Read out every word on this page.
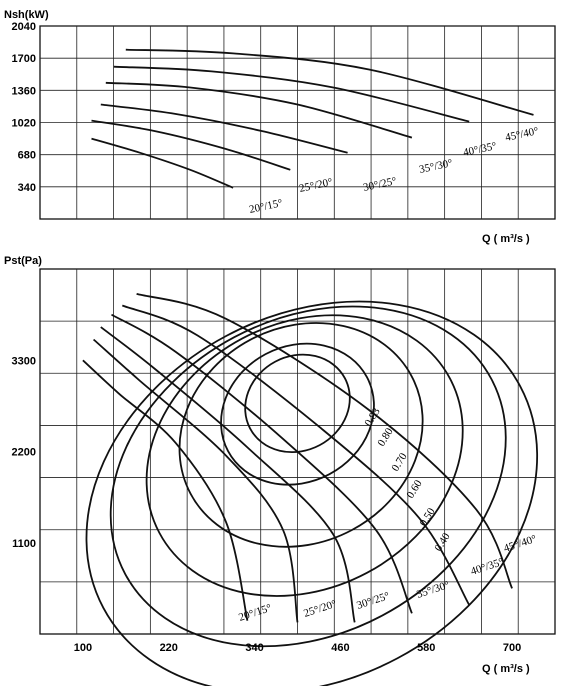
Nsh(kW)
2040
1700
1360
1020
680
340
20°/15°
25°/20°	30°/25°
35°/30°
40°/35°
45°/40°
Q ( m³/s )
Pst(Pa)
0.83
0.80
0.70
0.60
0.50
0.40
3300
2200
1100
100	220	340	460	580	700
20°/15°	25°/20° 30°/25°
35°/30°
40°/35°
45°/40°
Q ( m³/s )
